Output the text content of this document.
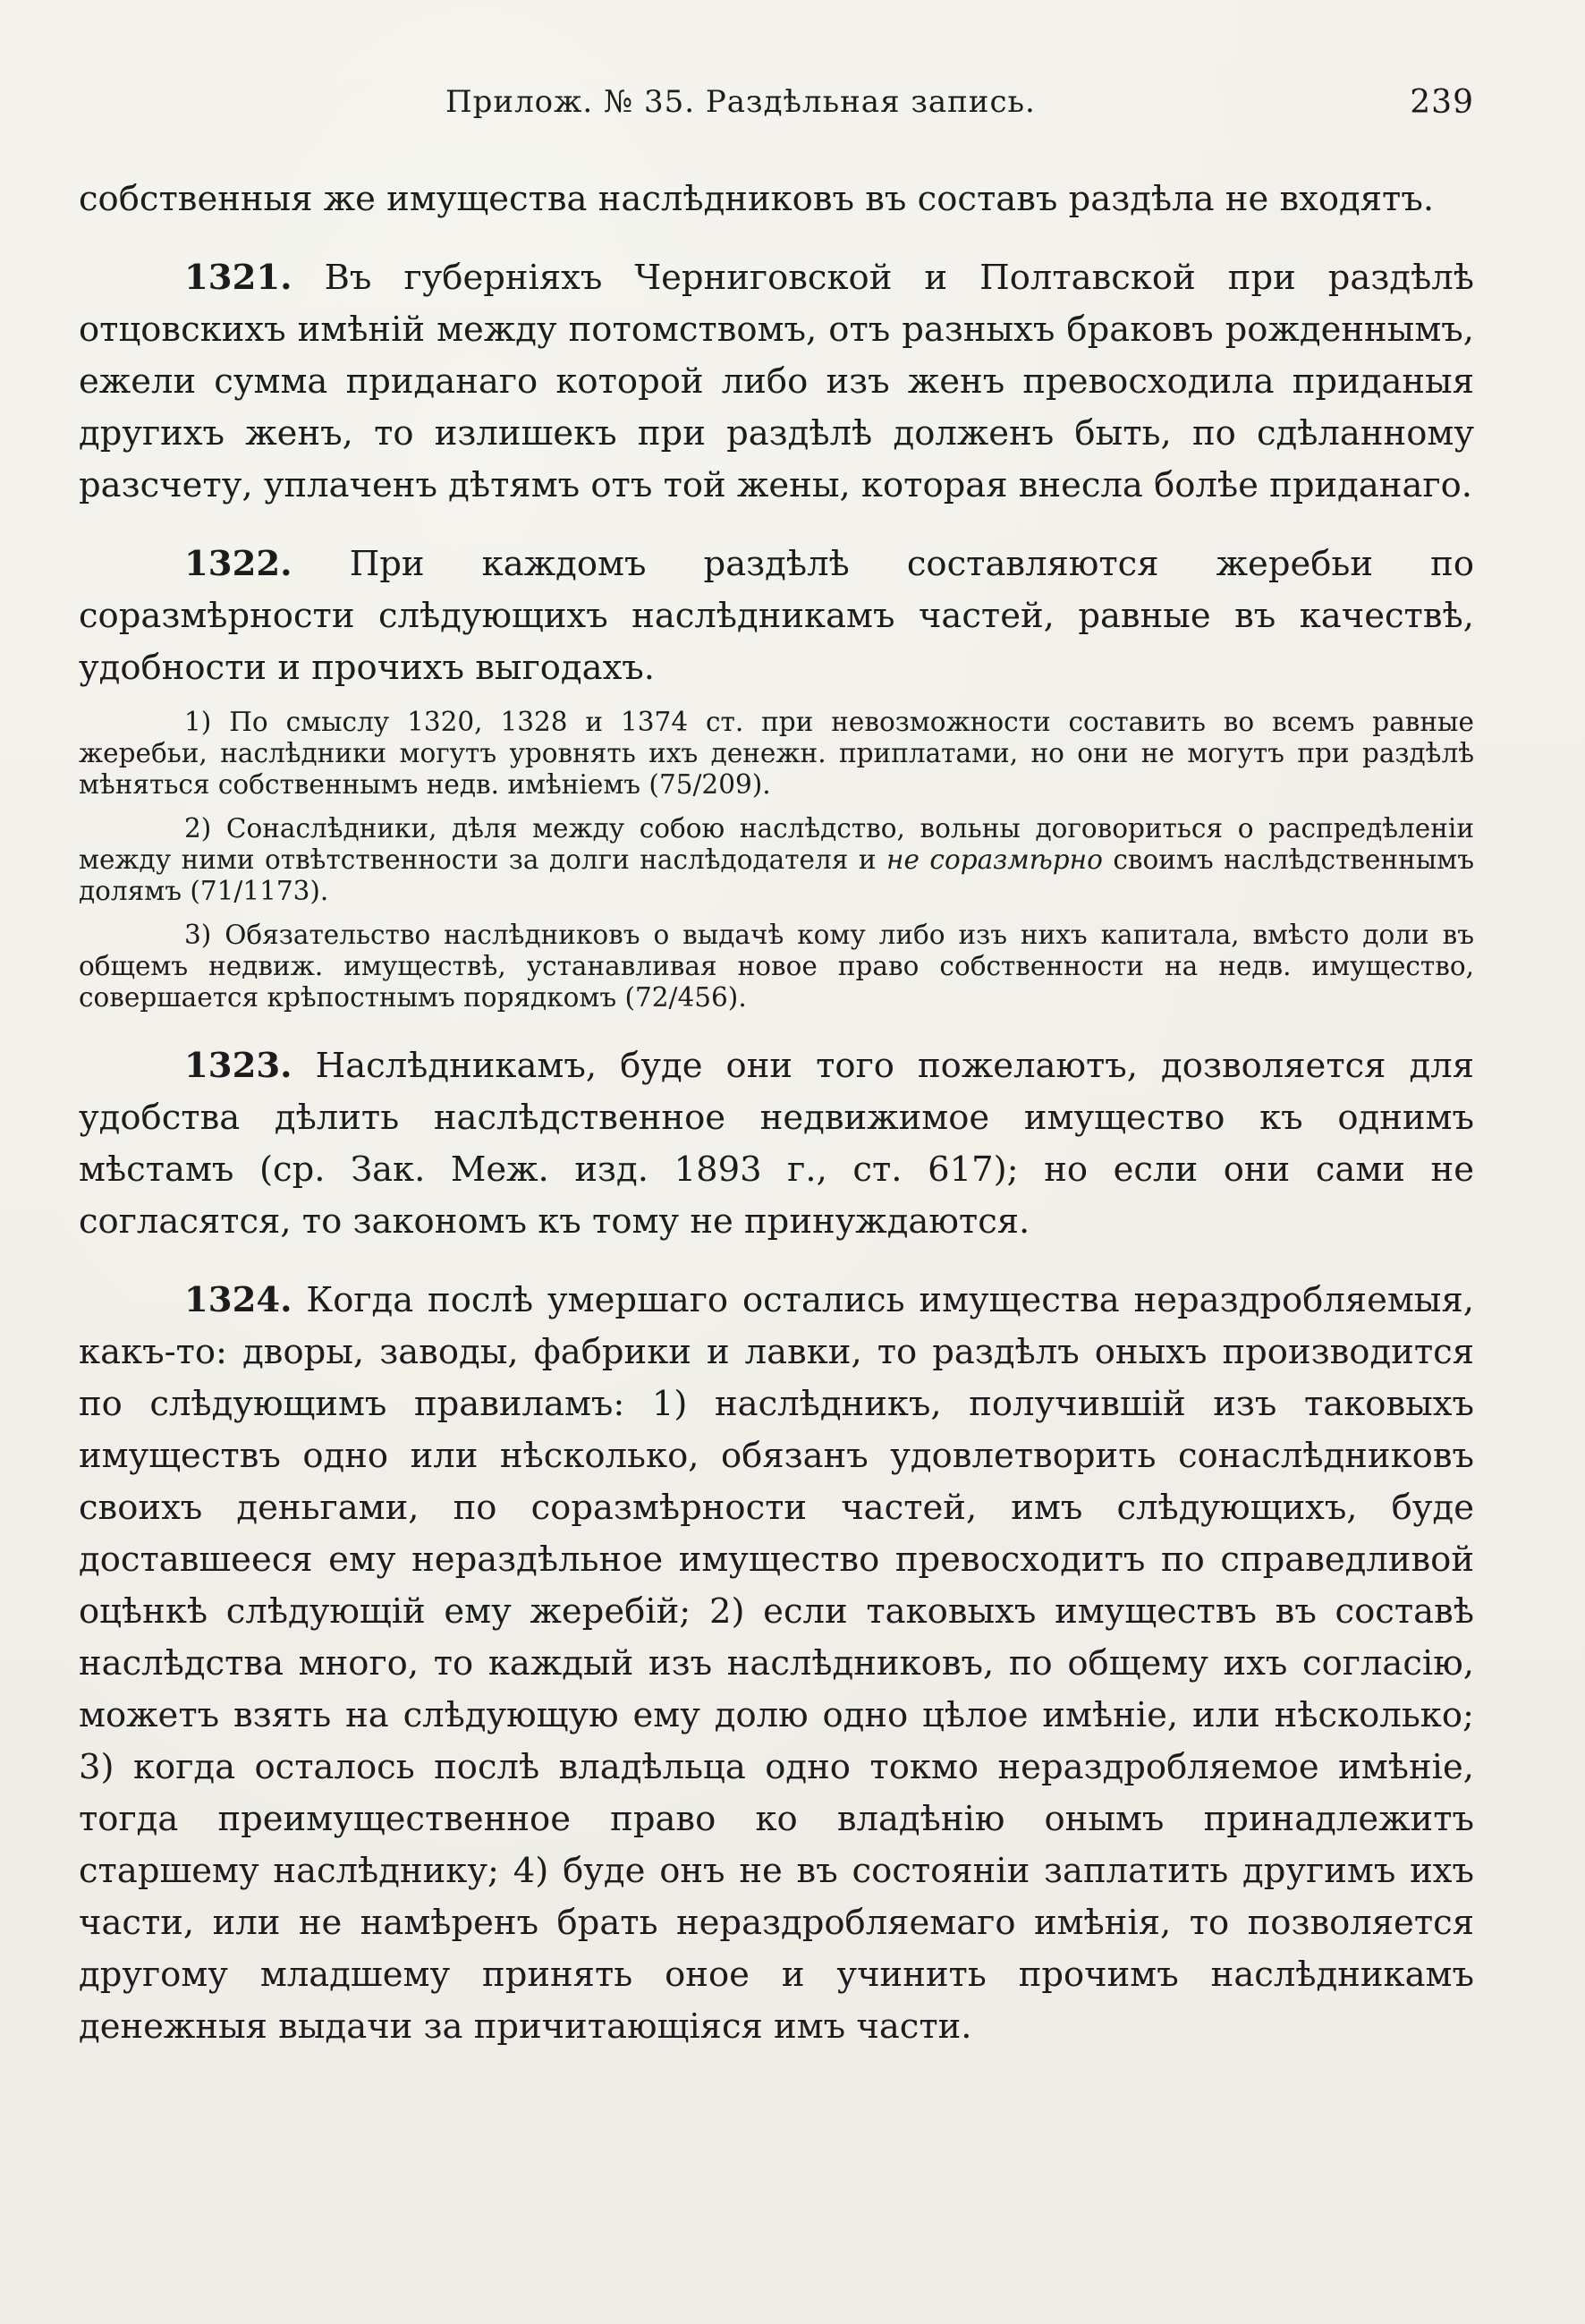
Прилож. № 35. Раздѣльная запись.	239

собственныя же имущества наслѣдниковъ въ составъ раздѣла не входятъ.

1321. Въ губерніяхъ Черниговской и Полтавской при раздѣлѣ отцовскихъ имѣній между потомствомъ, отъ разныхъ браковъ рожденнымъ, ежели сумма приданаго которой либо изъ женъ превосходила приданыя другихъ женъ, то излишекъ при раздѣлѣ долженъ быть, по сдѣланному разсчету, уплаченъ дѣтямъ отъ той жены, которая внесла болѣе приданаго.

1322. При каждомъ раздѣлѣ составляются жеребьи по соразмѣрности слѣдующихъ наслѣдникамъ частей, равные въ качествѣ, удобности и прочихъ выгодахъ.

1) По смыслу 1320, 1328 и 1374 ст. при невозможности составить во всемъ равные жеребьи, наслѣдники могутъ уровнять ихъ денежн. приплатами, но они не могутъ при раздѣлѣ мѣняться собственнымъ недв. имѣніемъ (75/209).

2) Сонаслѣдники, дѣля между собою наслѣдство, вольны договориться о распредѣленіи между ними отвѣтственности за долги наслѣдодателя и не соразмѣрно своимъ наслѣдственнымъ долямъ (71/1173).

3) Обязательство наслѣдниковъ о выдачѣ кому либо изъ нихъ капитала, вмѣсто доли въ общемъ недвиж. имуществѣ, устанавливая новое право собственности на недв. имущество, совершается крѣпостнымъ порядкомъ (72/456).

1323. Наслѣдникамъ, буде они того пожелаютъ, дозволяется для удобства дѣлить наслѣдственное недвижимое имущество къ однимъ мѣстамъ (ср. Зак. Меж. изд. 1893 г., ст. 617); но если они сами не согласятся, то закономъ къ тому не принуждаются.

1324. Когда послѣ умершаго остались имущества нераздробляемыя, какъ-то: дворы, заводы, фабрики и лавки, то раздѣлъ оныхъ производится по слѣдующимъ правиламъ: 1) наслѣдникъ, получившій изъ таковыхъ имуществъ одно или нѣсколько, обязанъ удовлетворить сонаслѣдниковъ своихъ деньгами, по соразмѣрности частей, имъ слѣдующихъ, буде доставшееся ему нераздѣльное имущество превосходитъ по справедливой оцѣнкѣ слѣдующій ему жеребій; 2) если таковыхъ имуществъ въ составѣ наслѣдства много, то каждый изъ наслѣдниковъ, по общему ихъ согласію, можетъ взять на слѣдующую ему долю одно цѣлое имѣніе, или нѣсколько; 3) когда осталось послѣ владѣльца одно токмо нераздробляемое имѣніе, тогда преимущественное право ко владѣнію онымъ принадлежитъ старшему наслѣднику; 4) буде онъ не въ состояніи заплатить другимъ ихъ части, или не намѣренъ брать нераздробляемаго имѣнія, то позволяется другому младшему принять оное и учинить прочимъ наслѣдникамъ денежныя выдачи за причитающіяся имъ части.
